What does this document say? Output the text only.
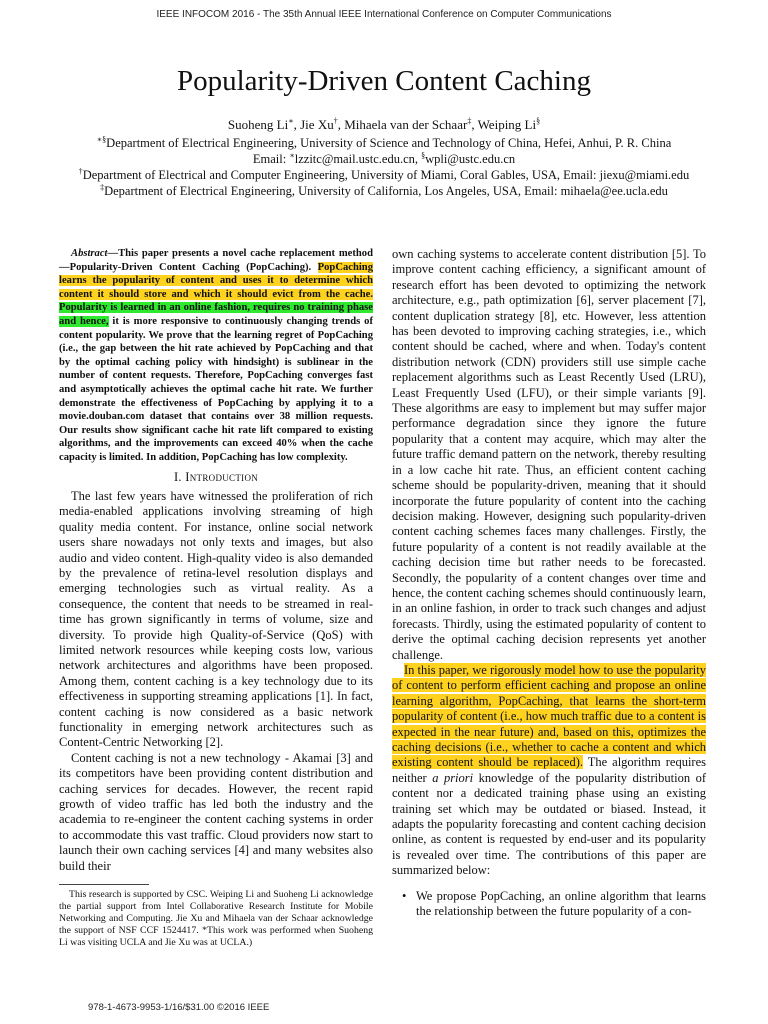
IEEE INFOCOM 2016 - The 35th Annual IEEE International Conference on Computer Communications
Popularity-Driven Content Caching
Suoheng Li∗, Jie Xu†, Mihaela van der Schaar‡, Weiping Li§
∗§Department of Electrical Engineering, University of Science and Technology of China, Hefei, Anhui, P. R. China
Email: ∗lzzitc@mail.ustc.edu.cn, §wpli@ustc.edu.cn
†Department of Electrical and Computer Engineering, University of Miami, Coral Gables, USA, Email: jiexu@miami.edu
‡Department of Electrical Engineering, University of California, Los Angeles, USA, Email: mihaela@ee.ucla.edu

Abstract—This paper presents a novel cache replacement method—Popularity-Driven Content Caching (PopCaching). PopCaching learns the popularity of content and uses it to determine which content it should store and which it should evict from the cache. Popularity is learned in an online fashion, requires no training phase and hence, it is more responsive to continuously changing trends of content popularity. We prove that the learning regret of PopCaching (i.e., the gap between the hit rate achieved by PopCaching and that by the optimal caching policy with hindsight) is sublinear in the number of content requests. Therefore, PopCaching converges fast and asymptotically achieves the optimal cache hit rate. We further demonstrate the effectiveness of PopCaching by applying it to a movie.douban.com dataset that contains over 38 million requests. Our results show significant cache hit rate lift compared to existing algorithms, and the improvements can exceed 40% when the cache capacity is limited. In addition, PopCaching has low complexity.

I. Introduction

The last few years have witnessed the proliferation of rich media-enabled applications involving streaming of high quality media content. For instance, online social network users share nowadays not only texts and images, but also audio and video content. High-quality video is also demanded by the prevalence of retina-level resolution displays and emerging technologies such as virtual reality. As a consequence, the content that needs to be streamed in real-time has grown significantly in terms of volume, size and diversity. To provide high Quality-of-Service (QoS) with limited network resources while keeping costs low, various network architectures and algorithms have been proposed. Among them, content caching is a key technology due to its effectiveness in supporting streaming applications [1]. In fact, content caching is now considered as a basic network functionality in emerging network architectures such as Content-Centric Networking [2].

Content caching is not a new technology - Akamai [3] and its competitors have been providing content distribution and caching services for decades. However, the recent rapid growth of video traffic has led both the industry and the academia to re-engineer the content caching systems in order to accommodate this vast traffic. Cloud providers now start to launch their own caching services [4] and many websites also build their

This research is supported by CSC. Weiping Li and Suoheng Li acknowledge the partial support from Intel Collaborative Research Institute for Mobile Networking and Computing. Jie Xu and Mihaela van der Schaar acknowledge the support of NSF CCF 1524417. *This work was performed when Suoheng Li was visiting UCLA and Jie Xu was at UCLA.)

own caching systems to accelerate content distribution [5]. To improve content caching efficiency, a significant amount of research effort has been devoted to optimizing the network architecture, e.g., path optimization [6], server placement [7], content duplication strategy [8], etc. However, less attention has been devoted to improving caching strategies, i.e., which content should be cached, where and when. Today's content distribution network (CDN) providers still use simple cache replacement algorithms such as Least Recently Used (LRU), Least Frequently Used (LFU), or their simple variants [9]. These algorithms are easy to implement but may suffer major performance degradation since they ignore the future popularity that a content may acquire, which may alter the future traffic demand pattern on the network, thereby resulting in a low cache hit rate. Thus, an efficient content caching scheme should be popularity-driven, meaning that it should incorporate the future popularity of content into the caching decision making. However, designing such popularity-driven content caching schemes faces many challenges. Firstly, the future popularity of a content is not readily available at the caching decision time but rather needs to be forecasted. Secondly, the popularity of a content changes over time and hence, the content caching schemes should continuously learn, in an online fashion, in order to track such changes and adjust forecasts. Thirdly, using the estimated popularity of content to derive the optimal caching decision represents yet another challenge.

In this paper, we rigorously model how to use the popularity of content to perform efficient caching and propose an online learning algorithm, PopCaching, that learns the short-term popularity of content (i.e., how much traffic due to a content is expected in the near future) and, based on this, optimizes the caching decisions (i.e., whether to cache a content and which existing content should be replaced). The algorithm requires neither a priori knowledge of the popularity distribution of content nor a dedicated training phase using an existing training set which may be outdated or biased. Instead, it adapts the popularity forecasting and content caching decision online, as content is requested by end-user and its popularity is revealed over time. The contributions of this paper are summarized below:

• We propose PopCaching, an online algorithm that learns the relationship between the future popularity of a con-
978-1-4673-9953-1/16/$31.00 ©2016 IEEE
